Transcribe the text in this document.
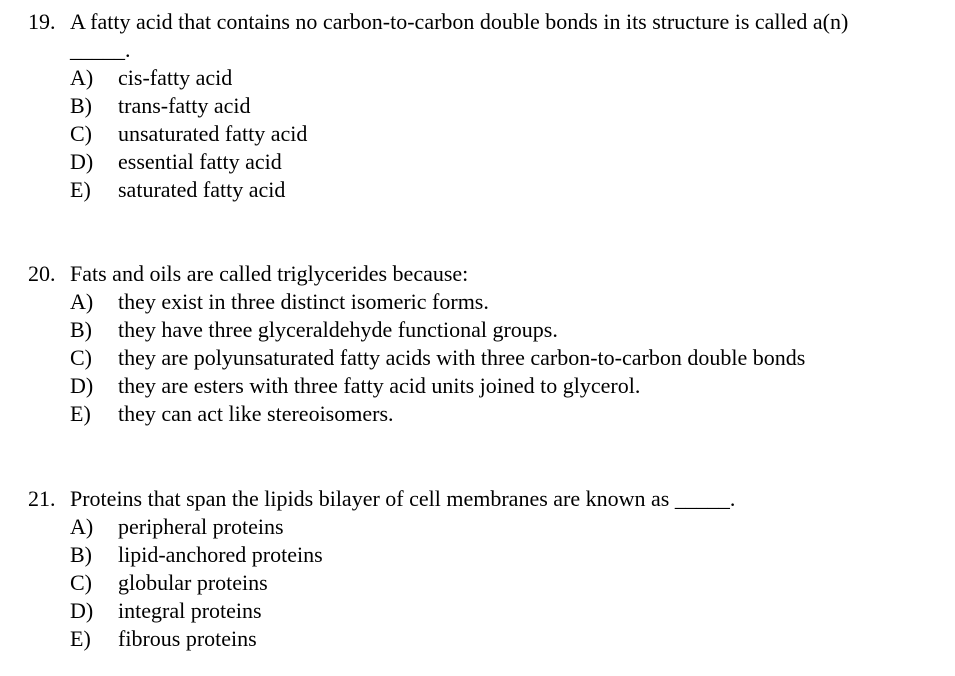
19. A fatty acid that contains no carbon-to-carbon double bonds in its structure is called a(n)
_____.
A)	cis-fatty acid
B)	trans-fatty acid
C)	unsaturated fatty acid
D)	essential fatty acid
E)	saturated fatty acid
20. Fats and oils are called triglycerides because:
A)	they exist in three distinct isomeric forms.
B)	they have three glyceraldehyde functional groups.
C)	they are polyunsaturated fatty acids with three carbon-to-carbon double bonds
D)	they are esters with three fatty acid units joined to glycerol.
E)	they can act like stereoisomers.
21. Proteins that span the lipids bilayer of cell membranes are known as _____.
A)	peripheral proteins
B)	lipid-anchored proteins
C)	globular proteins
D)	integral proteins
E)	fibrous proteins
